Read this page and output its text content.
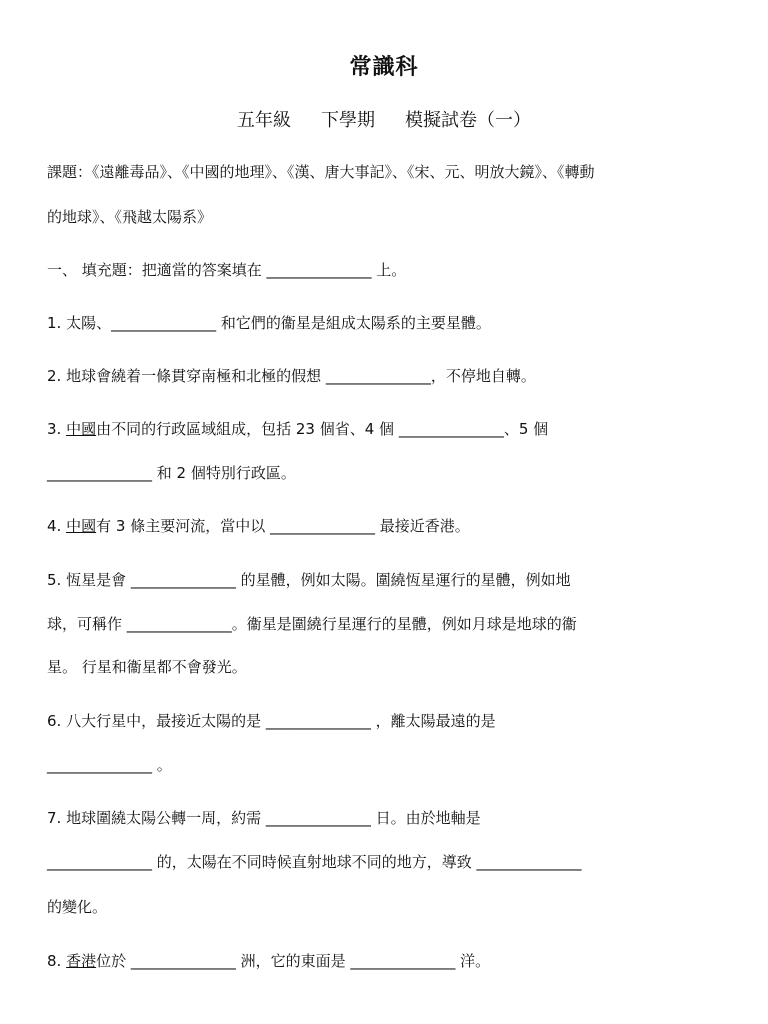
常識科
五年級 下學期 模擬試卷（一）
課題：《遠離毒品》、《中國的地理》、《漢、唐大事記》、《宋、元、明放大鏡》、《轉動
的地球》、《飛越太陽系》
一、 填充題：把適當的答案填在 ______________ 上。
1. 太陽、______________ 和它們的衞星是組成太陽系的主要星體。
2. 地球會繞着一條貫穿南極和北極的假想 ______________，不停地自轉。
3. 中國由不同的行政區域組成，包括 23 個省、4 個 ______________、5 個
______________ 和 2 個特別行政區。
4. 中國有 3 條主要河流，當中以 ______________ 最接近香港。
5. 恆星是會 ______________ 的星體，例如太陽。圍繞恆星運行的星體，例如地
球，可稱作 ______________。衞星是圍繞行星運行的星體，例如月球是地球的衞
星。 行星和衞星都不會發光。
6. 八大行星中，最接近太陽的是 ______________ ，離太陽最遠的是
______________ 。
7. 地球圍繞太陽公轉一周，約需 ______________ 日。由於地軸是
______________ 的，太陽在不同時候直射地球不同的地方，導致 ______________
的變化。
8. 香港位於 ______________ 洲，它的東面是 ______________ 洋。
